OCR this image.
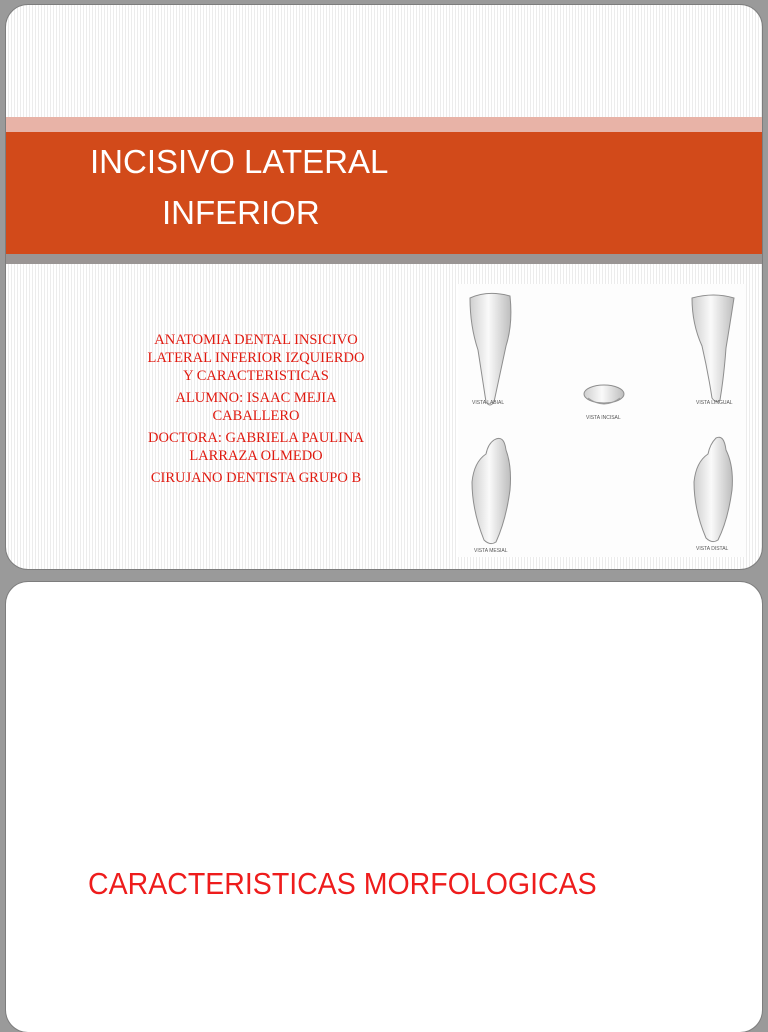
INCISIVO LATERAL
INFERIOR
ANATOMIA DENTAL INSICIVO
LATERAL INFERIOR IZQUIERDO
Y CARACTERISTICAS
ALUMNO: ISAAC MEJIA
CABALLERO
DOCTORA: GABRIELA PAULINA
LARRAZA OLMEDO
CIRUJANO DENTISTA GRUPO B
VISTA LABIAL
VISTA INCISAL
VISTA LINGUAL
VISTA MESIAL	VISTA DISTAL
CARACTERISTICAS MORFOLOGICAS
